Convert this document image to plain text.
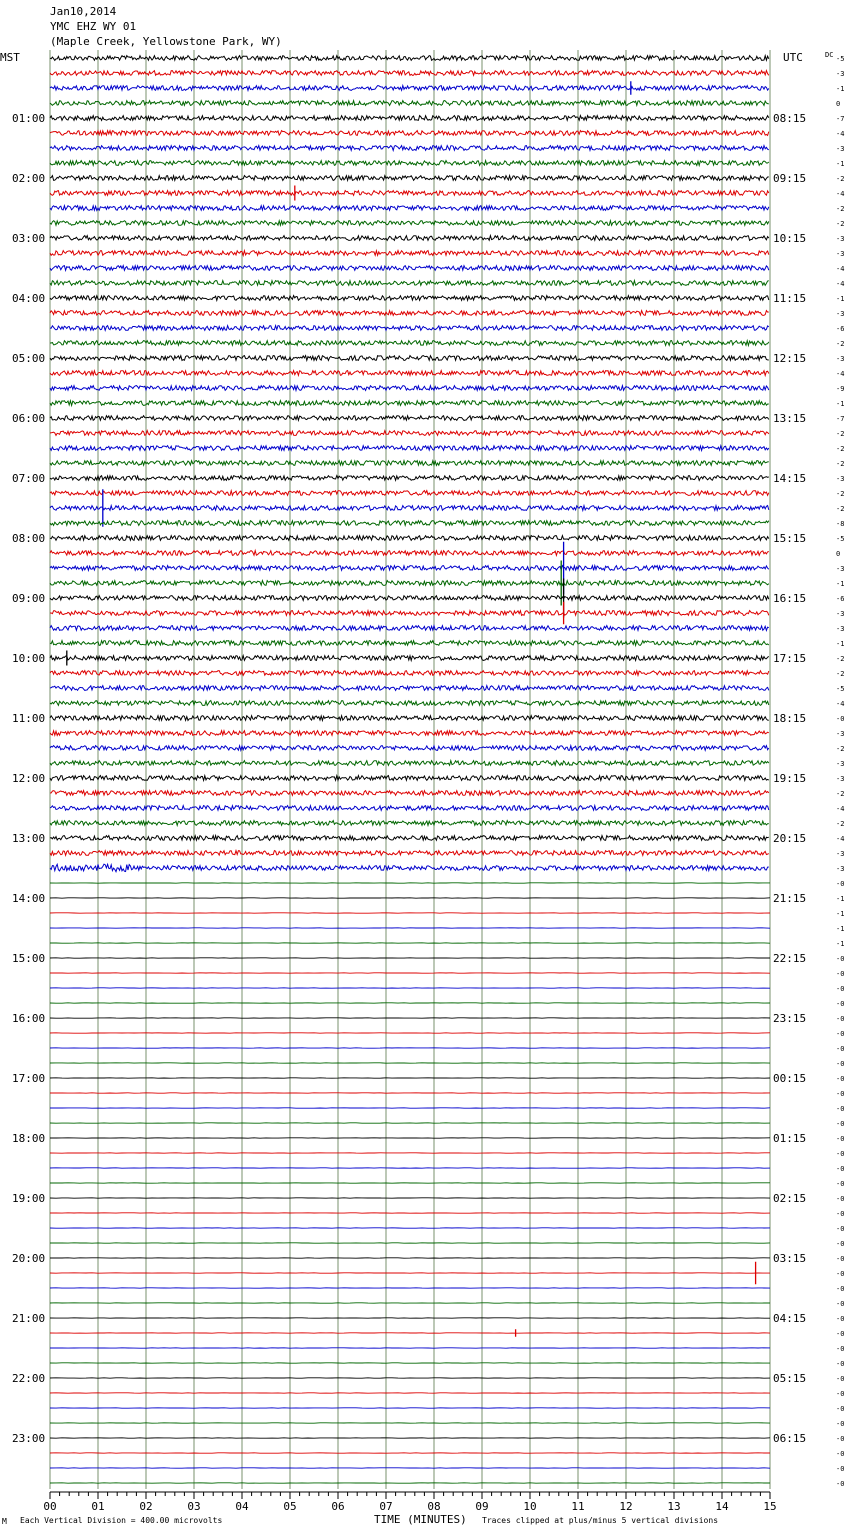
Jan10,2014
YMC EHZ WY 01
(Maple Creek, Yellowstone Park, WY)
01:00
02:00
03:00
04:00
05:00
06:00
07:00
08:00
09:00
10:00
11:00
12:00
13:00
14:00
15:00
16:00
17:00
18:00
19:00
20:00
21:00
22:00
23:00
08:15
09:15
10:15
11:15
12:15
13:15
14:15
15:15
16:15
17:15
18:15
19:15
20:15
21:15
22:15
23:15
00:15
01:15
02:15
03:15
04:15
05:15
06:15
-5
-3
-1
0
-7
-4
-3
-1
-2
-4
-2
-2
-3
-3
-4
-4
-1
-3
-6
-2
-3
-4
-9
-1
-7
-2
-2
-2
-3
-2
-2
-8
-5
0
-3
-1
-6
-3
-3
-1
-2
-2
-5
-4
-0
-3
-2
-3
-3
-2
-4
-2
-4
-3
-3
-0
-1
-1
-1
-1
-0
-0
-0
-0
-0
-0
-0
-0
-0
-0
-0
-0
-0
-0
-0
-0
-0
-0
-0
-0
-0
-0
-0
-0
-0
-0
-0
-0
-0
-0
-0
-0
-0
-0
-0
-0
00	01	02	03	04	05	06	07	08	09	10	11	12	13	14	15
MST	UTC	DC
M Each Vertical Division = 400.00 microvolts	TIME (MINUTES) Traces clipped at plus/minus 5 vertical divisions
